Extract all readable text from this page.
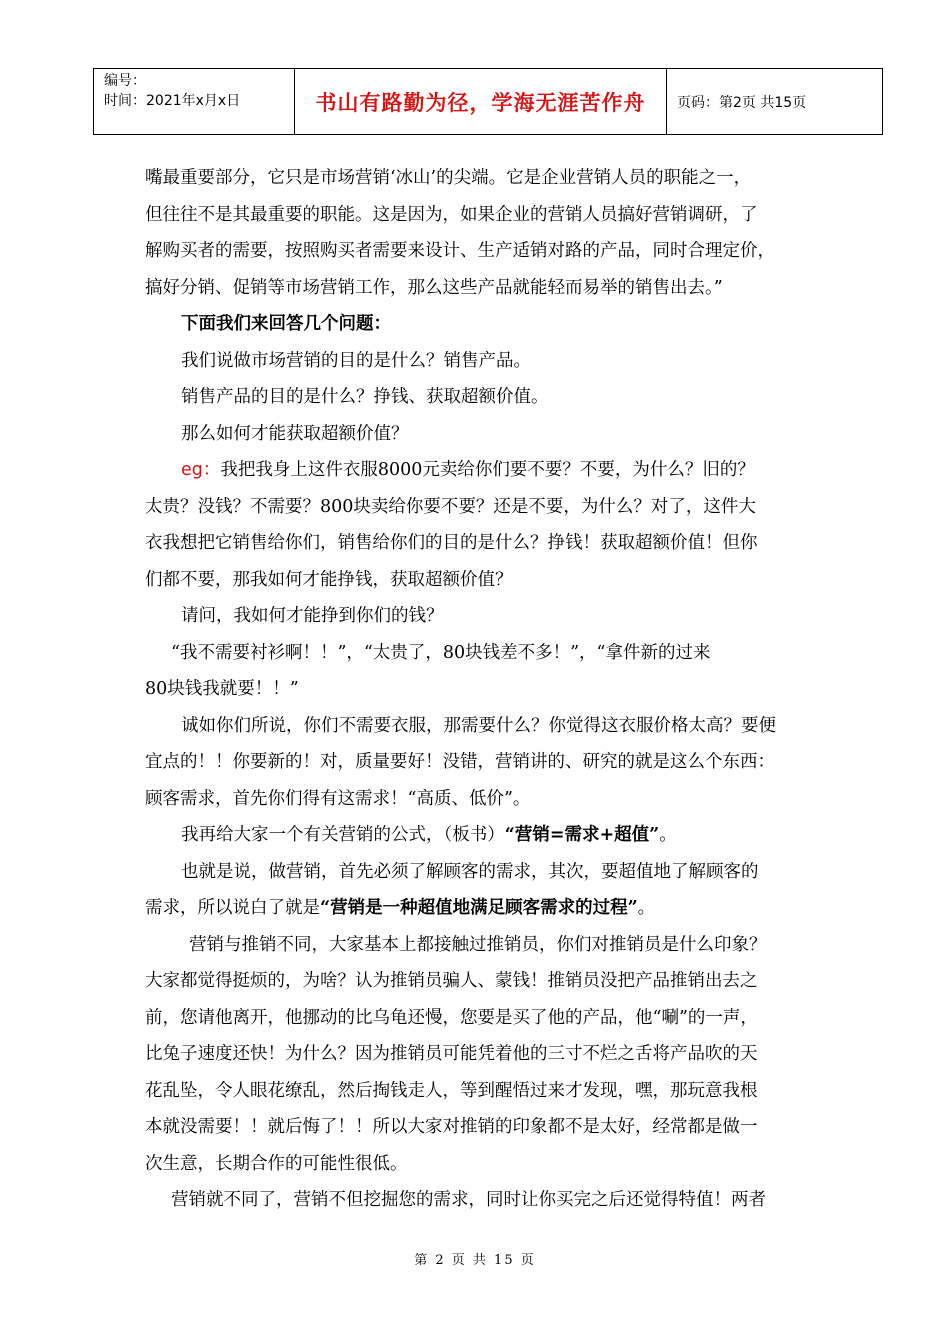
编号：
时间：2021年x月x日	书山有路勤为径，学海无涯苦作舟 页码：第2页 共15页

嘴最重要部分，它只是市场营销‘冰山’的尖端。它是企业营销人员的职能之一，

但往往不是其最重要的职能。这是因为，如果企业的营销人员搞好营销调研，了

解购买者的需要，按照购买者需要来设计、生产适销对路的产品，同时合理定价，

搞好分销、促销等市场营销工作，那么这些产品就能轻而易举的销售出去。”

下面我们来回答几个问题：

我们说做市场营销的目的是什么？销售产品。

销售产品的目的是什么？挣钱、获取超额价值。

那么如何才能获取超额价值？

eg：我把我身上这件衣服8000元卖给你们要不要？不要，为什么？旧的？

太贵？没钱？不需要？800块卖给你要不要？还是不要，为什么？对了，这件大

衣我想把它销售给你们，销售给你们的目的是什么？挣钱！获取超额价值！但你

们都不要，那我如何才能挣钱，获取超额价值？

请问，我如何才能挣到你们的钱？

“我不需要衬衫啊！！”，“太贵了，80块钱差不多！”，“拿件新的过来

80块钱我就要！！”

诚如你们所说，你们不需要衣服，那需要什么？你觉得这衣服价格太高？要便

宜点的！！你要新的！对，质量要好！没错，营销讲的、研究的就是这么个东西：

顾客需求，首先你们得有这需求！“高质、低价”。

我再给大家一个有关营销的公式，（板书）“营销=需求+超值”。

也就是说，做营销，首先必须了解顾客的需求，其次，要超值地了解顾客的

需求，所以说白了就是“营销是一种超值地满足顾客需求的过程”。

营销与推销不同，大家基本上都接触过推销员，你们对推销员是什么印象？

大家都觉得挺烦的，为啥？认为推销员骗人、蒙钱！推销员没把产品推销出去之

前，您请他离开，他挪动的比乌龟还慢，您要是买了他的产品，他“唰”的一声，

比兔子速度还快！为什么？因为推销员可能凭着他的三寸不烂之舌将产品吹的天

花乱坠，令人眼花缭乱，然后掏钱走人，等到醒悟过来才发现，嘿，那玩意我根

本就没需要！！就后悔了！！所以大家对推销的印象都不是太好，经常都是做一

次生意，长期合作的可能性很低。

营销就不同了，营销不但挖掘您的需求，同时让你买完之后还觉得特值！两者

第 2 页 共 15 页
